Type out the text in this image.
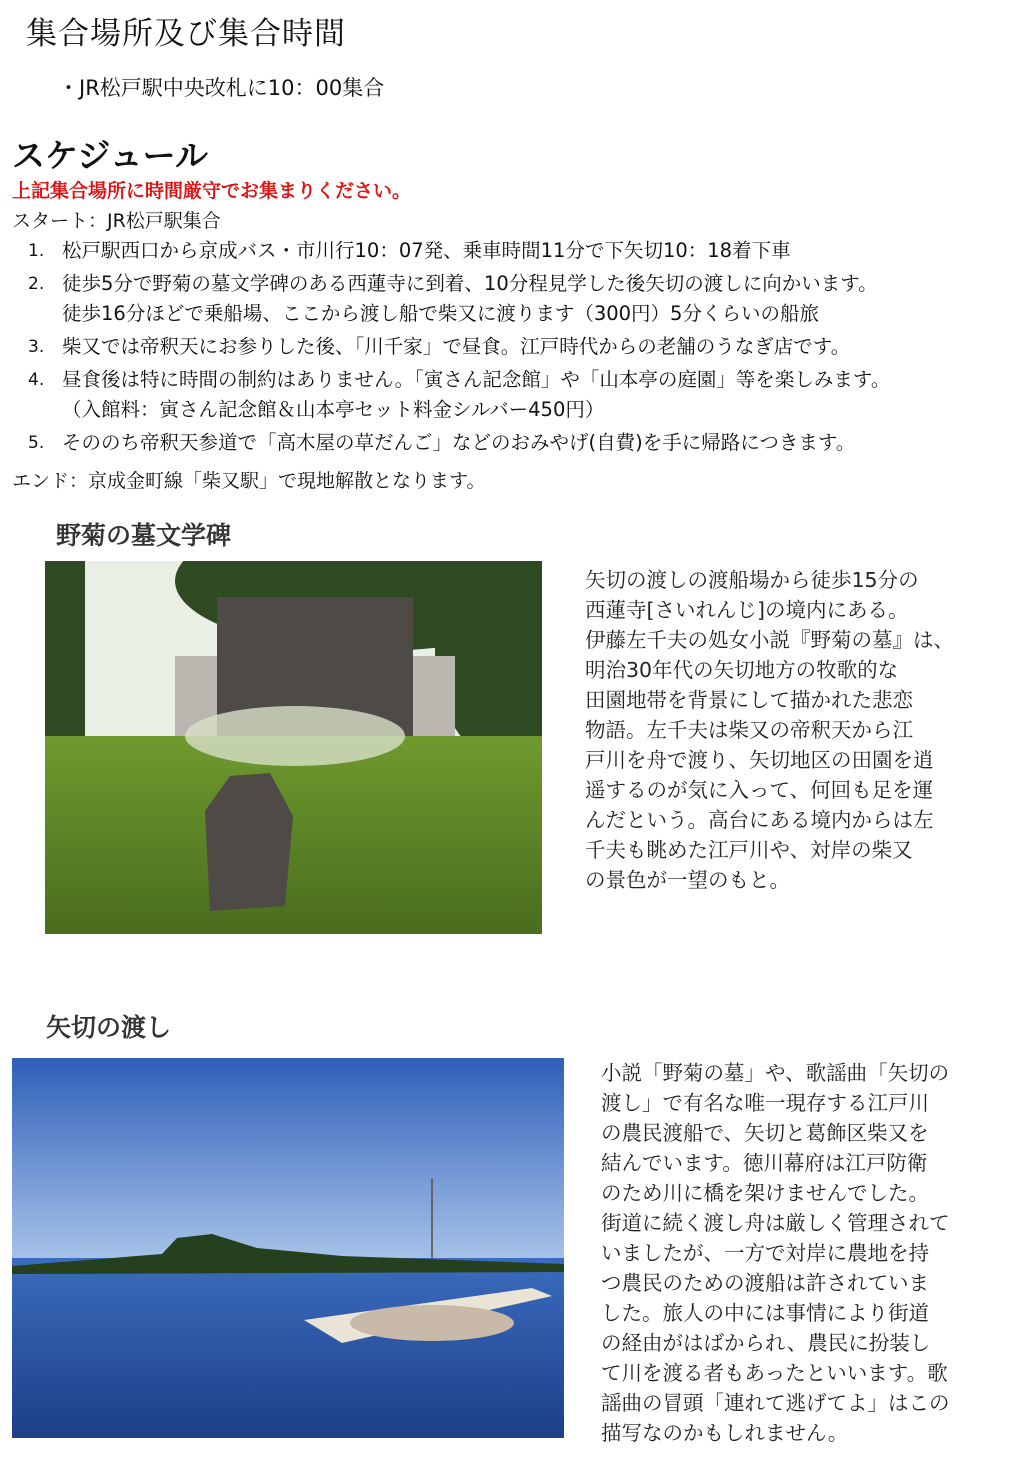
集合場所及び集合時間
・JR松戸駅中央改札に10：00集合
スケジュール
上記集合場所に時間厳守でお集まりください。
スタート：JR松戸駅集合
1. 松戸駅西口から京成バス・市川行10：07発、乗車時間11分で下矢切10：18着下車
2. 徒歩5分で野菊の墓文学碑のある西蓮寺に到着、10分程見学した後矢切の渡しに向かいます。
徒歩16分ほどで乗船場、ここから渡し船で柴又に渡ります（300円）5分くらいの船旅
3. 柴又では帝釈天にお参りした後、「川千家」で昼食。江戸時代からの老舗のうなぎ店です。
4. 昼食後は特に時間の制約はありません。「寅さん記念館」や「山本亭の庭園」等を楽しみます。
（入館料：寅さん記念館＆山本亭セット料金シルバー450円）
5. そののち帝釈天参道で「高木屋の草だんご」などのおみやげ(自費)を手に帰路につきます。
エンド：京成金町線「柴又駅」で現地解散となります。
野菊の墓文学碑
矢切の渡しの渡船場から徒歩15分の
西蓮寺[さいれんじ]の境内にある。
伊藤左千夫の処女小説『野菊の墓』は、
明治30年代の矢切地方の牧歌的な
田園地帯を背景にして描かれた悲恋
物語。左千夫は柴又の帝釈天から江
戸川を舟で渡り、矢切地区の田園を逍
遥するのが気に入って、何回も足を運
んだという。高台にある境内からは左
千夫も眺めた江戸川や、対岸の柴又
の景色が一望のもと。
矢切の渡し
小説「野菊の墓」や、歌謡曲「矢切の
渡し」で有名な唯一現存する江戸川
の農民渡船で、矢切と葛飾区柴又を
結んでいます。徳川幕府は江戸防衛
のため川に橋を架けませんでした。
街道に続く渡し舟は厳しく管理されて
いましたが、一方で対岸に農地を持
つ農民のための渡船は許されていま
した。旅人の中には事情により街道
の経由がはばかられ、農民に扮装し
て川を渡る者もあったといいます。歌
謡曲の冒頭「連れて逃げてよ」はこの
描写なのかもしれません。
